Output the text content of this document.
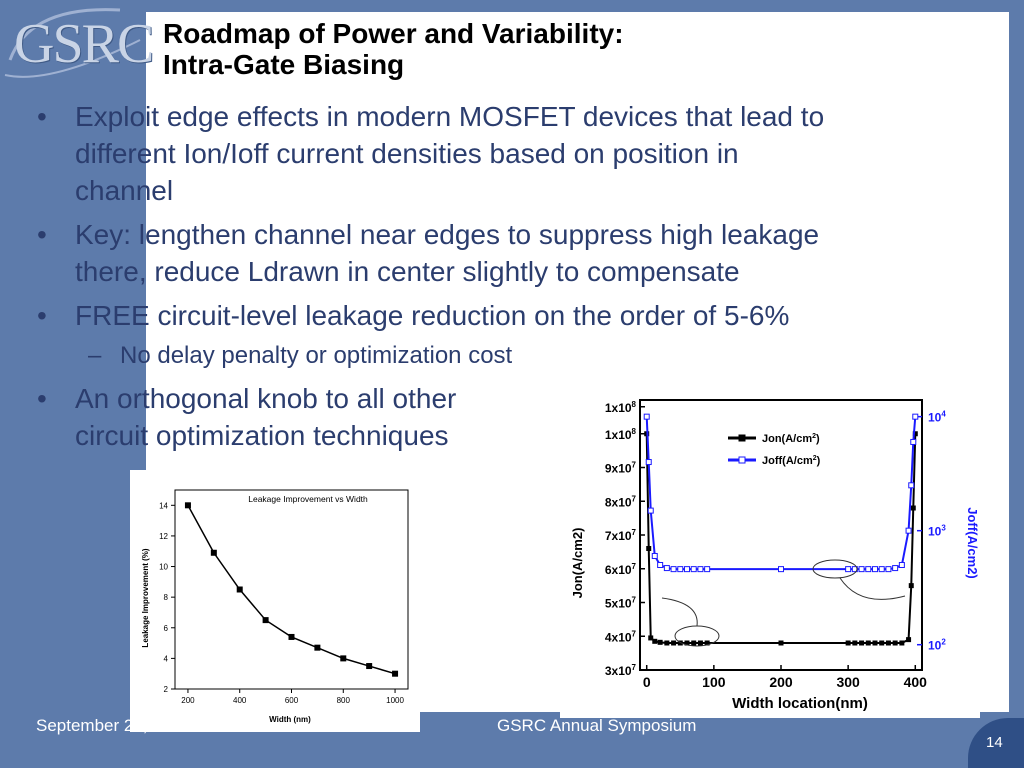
GSRC Roadmap of Power and Variability:
Intra-Gate Biasing
• Exploit edge effects in modern MOSFET devices that lead to
different Ion/Ioff current densities based on position in
channel
• Key: lengthen channel near edges to suppress high leakage
there, reduce Ldrawn in center slightly to compensate
• FREE circuit-level leakage reduction on the order of 5-6%
– No delay penalty or optimization cost
• An orthogonal knob to all other
circuit optimization techniques
2
4
6
8
10
12
14
200	400	600	800	1000
Leakage Improvement vs Width
Width (nm)
Leakage Improvement (%)
$3x10^7$
$4x10^7$
$5x10^7$
$6x10^7$
$7x10^7$
$8x10^7$
$9x10^7$
$1x10^8$
$1x10^8$
$10^2$
$10^3$
$10^4$
0	100	200	300	400
$Jon(A/cm^2)$
$Joff(A/cm^2)$
Width location(nm)
Jon(A/cm2)	Joff(A/cm2)
September 28, 2006	GSRC Annual Symposium
14
